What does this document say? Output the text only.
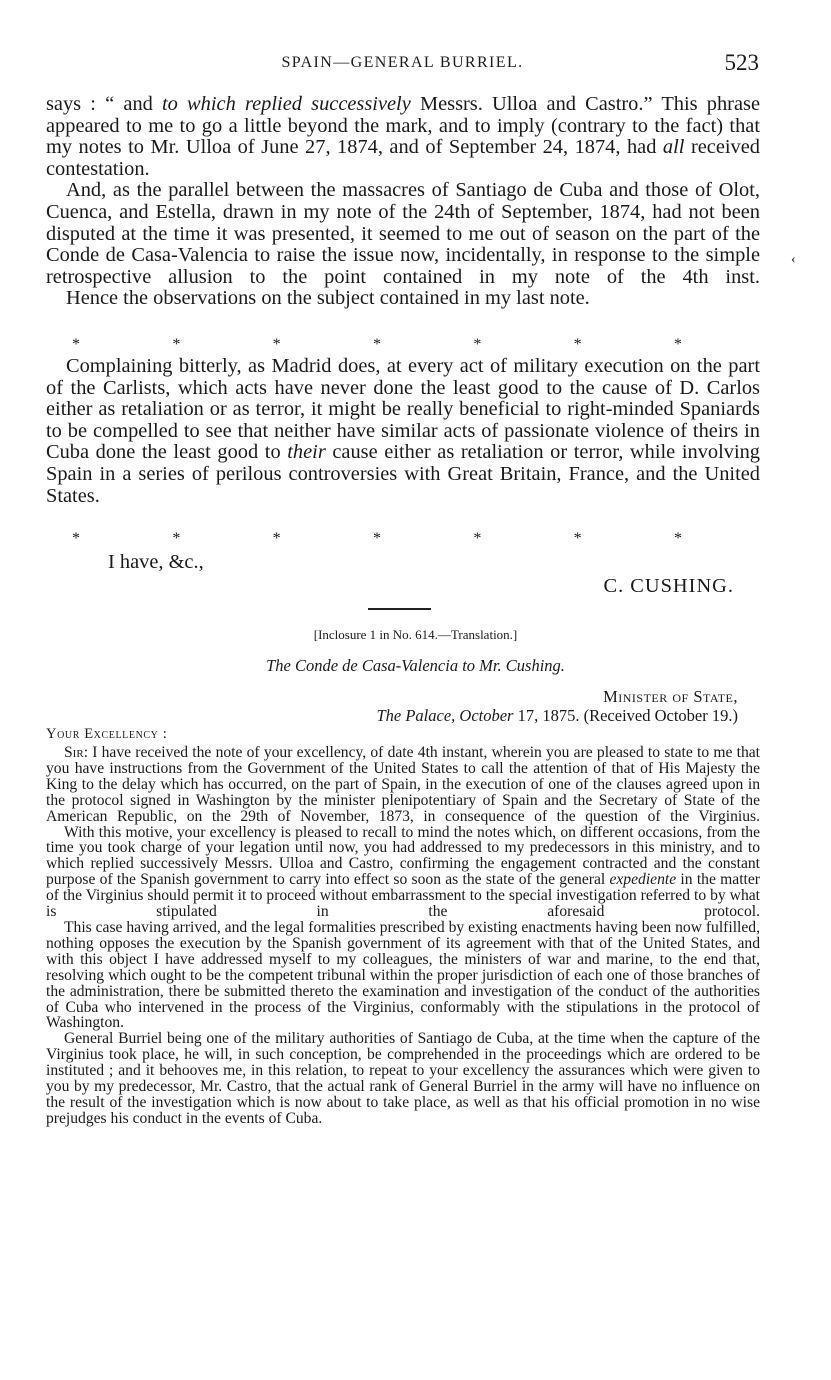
SPAIN—GENERAL BURRIEL.	523

says : “ and to which replied successively Messrs. Ulloa and Castro.” This phrase appeared to me to go a little beyond the mark, and to imply (contrary to the fact) that my notes to Mr. Ulloa of June 27, 1874, and of September 24, 1874, had all received contestation.

And, as the parallel between the massacres of Santiago de Cuba and those of Olot, Cuenca, and Estella, drawn in my note of the 24th of September, 1874, had not been disputed at the time it was presented, it seemed to me out of season on the part of the Conde de Casa-Valencia to raise the issue now, incidentally, in response to the simple retrospective allusion to the point contained in my note of the 4th inst.

Hence the observations on the subject contained in my last note.

*	*	*	*	*	*	*

Complaining bitterly, as Madrid does, at every act of military execution on the part of the Carlists, which acts have never done the least good to the cause of D. Carlos either as retaliation or as terror, it might be really beneficial to right-minded Spaniards to be compelled to see that neither have similar acts of passionate violence of theirs in Cuba done the least good to their cause either as retaliation or terror, while involving Spain in a series of perilous controversies with Great Britain, France, and the United States.

*	*	*	*	*	*	*
I have, &c.,
C. CUSHING.
[Inclosure 1 in No. 614.—Translation.]
The Conde de Casa-Valencia to Mr. Cushing.
Minister of State,
The Palace, October 17, 1875. (Received October 19.)
Your Excellency :

Sir: I have received the note of your excellency, of date 4th instant, wherein you are pleased to state to me that you have instructions from the Government of the United States to call the attention of that of His Majesty the King to the delay which has occurred, on the part of Spain, in the execution of one of the clauses agreed upon in the protocol signed in Washington by the minister plenipotentiary of Spain and the Secretary of State of the American Republic, on the 29th of November, 1873, in consequence of the question of the Virginius.

With this motive, your excellency is pleased to recall to mind the notes which, on different occasions, from the time you took charge of your legation until now, you had addressed to my predecessors in this ministry, and to which replied successively Messrs. Ulloa and Castro, confirming the engagement contracted and the constant purpose of the Spanish government to carry into effect so soon as the state of the general expediente in the matter of the Virginius should permit it to proceed without embarrassment to the special investigation referred to by what is stipulated in the aforesaid protocol.

This case having arrived, and the legal formalities prescribed by existing enactments having been now fulfilled, nothing opposes the execution by the Spanish government of its agreement with that of the United States, and with this object I have addressed myself to my colleagues, the ministers of war and marine, to the end that, resolving which ought to be the competent tribunal within the proper jurisdiction of each one of those branches of the administration, there be submitted thereto the examination and investigation of the conduct of the authorities of Cuba who intervened in the process of the Virginius, conformably with the stipulations in the protocol of Washington.

General Burriel being one of the military authorities of Santiago de Cuba, at the time when the capture of the Virginius took place, he will, in such conception, be comprehended in the proceedings which are ordered to be instituted ; and it behooves me, in this relation, to repeat to your excellency the assurances which were given to you by my predecessor, Mr. Castro, that the actual rank of General Burriel in the army will have no influence on the result of the investigation which is now about to take place, as well as that his official promotion in no wise prejudges his conduct in the events of Cuba.

‹
